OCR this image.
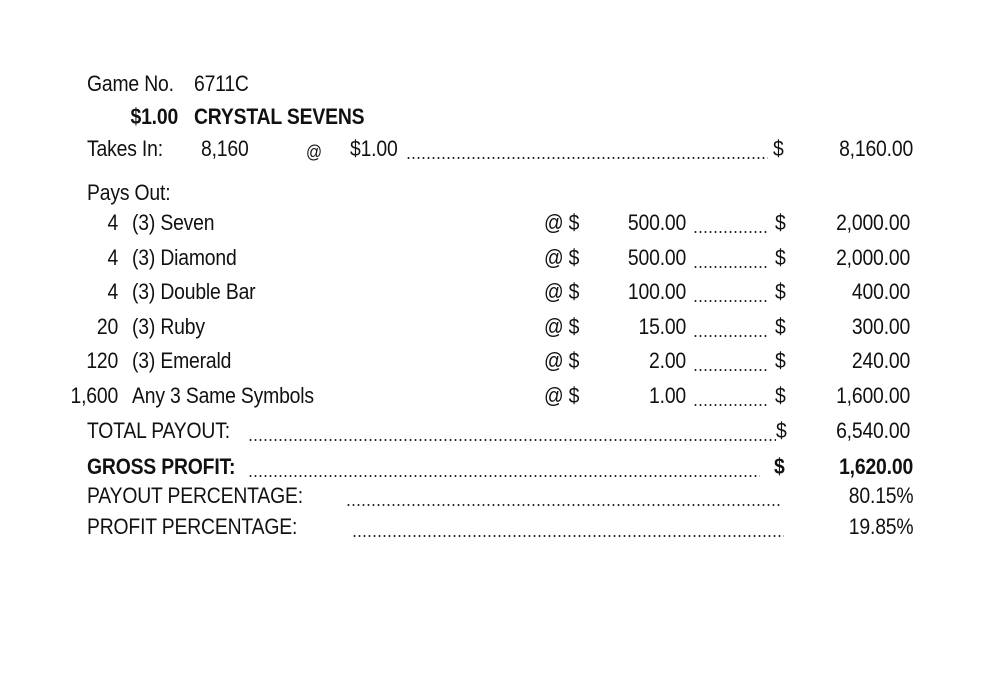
Game No. 6711C
$1.00 CRYSTAL SEVENS
Takes In: 8,160	@ $1.00	$	8,160.00
Pays Out:
4 (3) Seven	@ $ 500.00	$ 2,000.00
4 (3) Diamond	@ $ 500.00	$ 2,000.00
4 (3) Double Bar	@ $ 100.00	$	400.00
20 (3) Ruby	@ $	15.00	$	300.00
120 (3) Emerald	@ $	2.00	$	240.00
1,600 Any 3 Same Symbols	@ $	1.00	$ 1,600.00
TOTAL PAYOUT:	$ 6,540.00
GROSS PROFIT:	$ 1,620.00
PAYOUT PERCENTAGE:	80.15%
PROFIT PERCENTAGE:	19.85%
